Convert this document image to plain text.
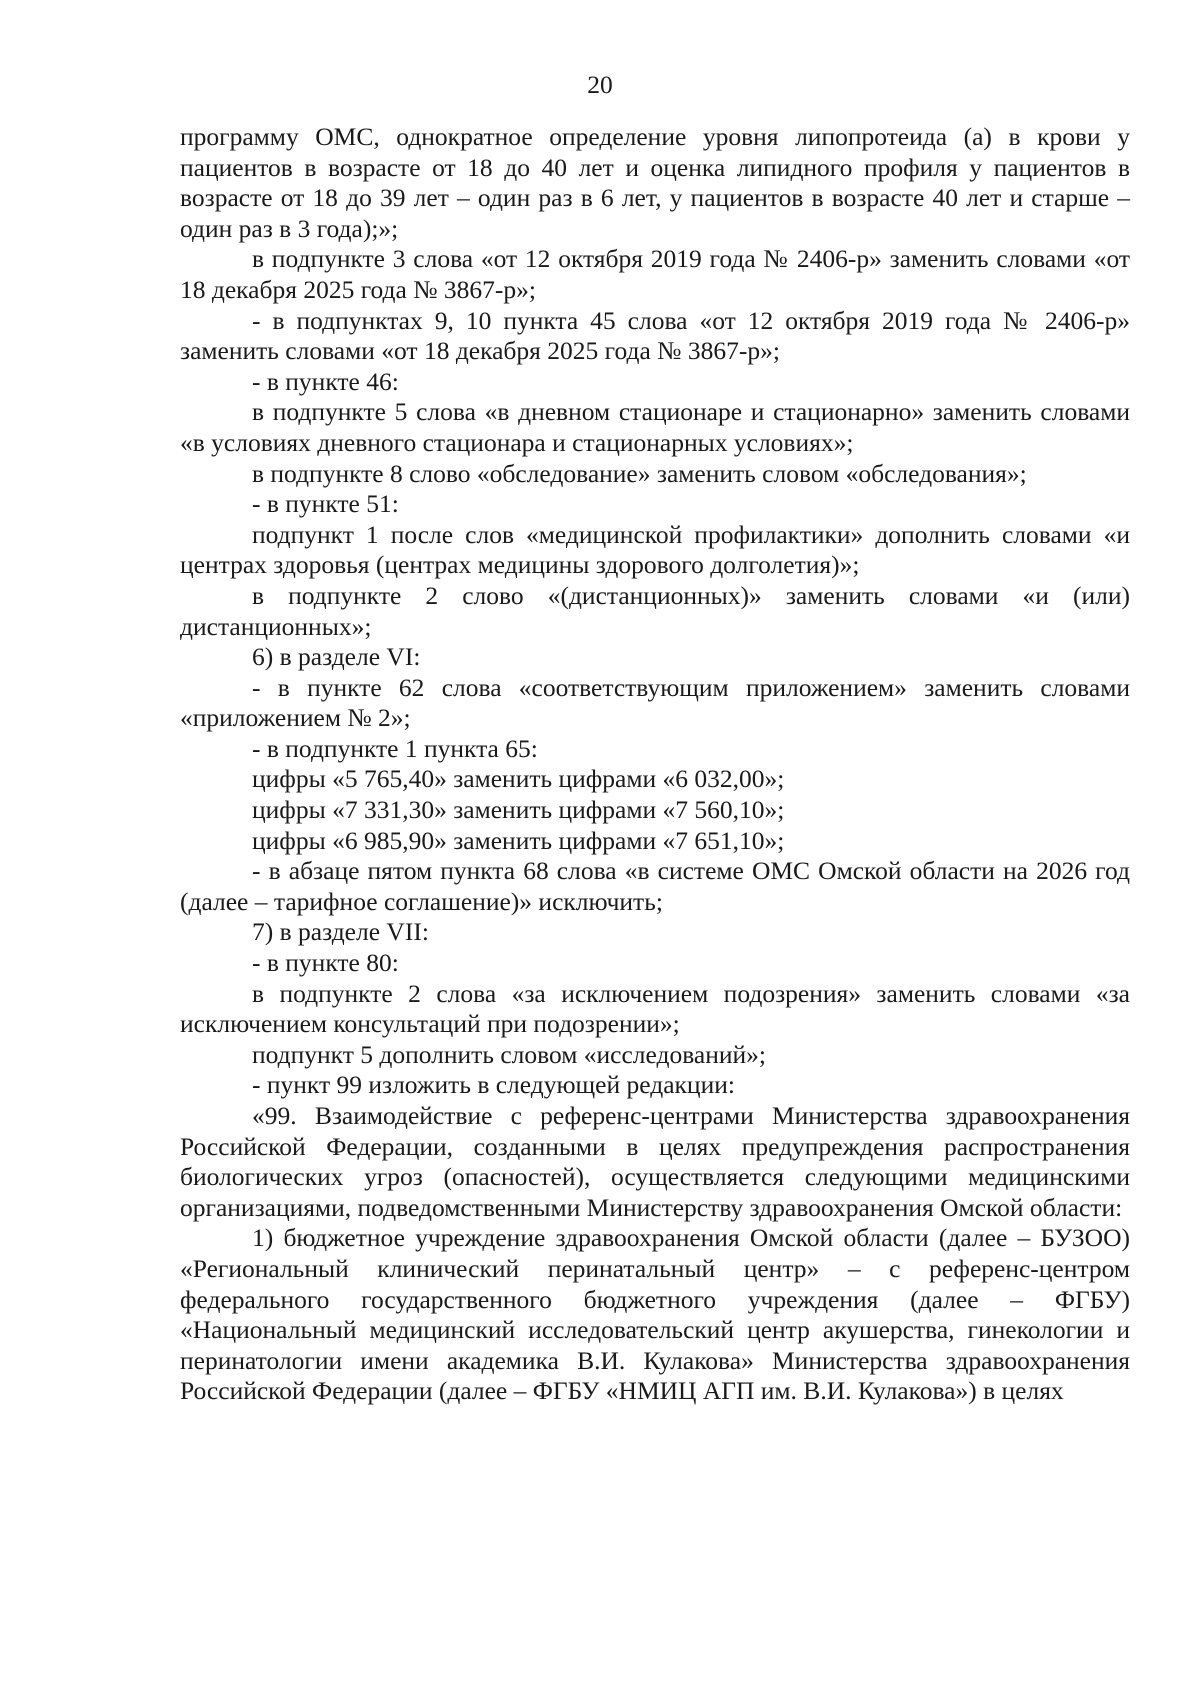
20

программу ОМС, однократное определение уровня липопротеида (а) в крови у пациентов в возрасте от 18 до 40 лет и оценка липидного профиля у пациентов в возрасте от 18 до 39 лет – один раз в 6 лет, у пациентов в возрасте 40 лет и старше – один раз в 3 года);»;

в подпункте 3 слова «от 12 октября 2019 года № 2406-р» заменить словами «от 18 декабря 2025 года № 3867-р»;

- в подпунктах 9, 10 пункта 45 слова «от 12 октября 2019 года № 2406-р» заменить словами «от 18 декабря 2025 года № 3867-р»;

- в пункте 46:

в подпункте 5 слова «в дневном стационаре и стационарно» заменить словами «в условиях дневного стационара и стационарных условиях»;

в подпункте 8 слово «обследование» заменить словом «обследования»;

- в пункте 51:

подпункт 1 после слов «медицинской профилактики» дополнить словами «и центрах здоровья (центрах медицины здорового долголетия)»;

в подпункте 2 слово «(дистанционных)» заменить словами «и (или) дистанционных»;

6) в разделе VI:

- в пункте 62 слова «соответствующим приложением» заменить словами «приложением № 2»;

- в подпункте 1 пункта 65:

цифры «5 765,40» заменить цифрами «6 032,00»;

цифры «7 331,30» заменить цифрами «7 560,10»;

цифры «6 985,90» заменить цифрами «7 651,10»;

- в абзаце пятом пункта 68 слова «в системе ОМС Омской области на 2026 год (далее – тарифное соглашение)» исключить;

7) в разделе VII:

- в пункте 80:

в подпункте 2 слова «за исключением подозрения» заменить словами «за исключением консультаций при подозрении»;

подпункт 5 дополнить словом «исследований»;

- пункт 99 изложить в следующей редакции:

«99. Взаимодействие с референс-центрами Министерства здравоохранения Российской Федерации, созданными в целях предупреждения распространения биологических угроз (опасностей), осуществляется следующими медицинскими организациями, подведомственными Министерству здравоохранения Омской области:

1) бюджетное учреждение здравоохранения Омской области (далее – БУЗОО) «Региональный клинический перинатальный центр» – с референс-центром федерального государственного бюджетного учреждения (далее – ФГБУ) «Национальный медицинский исследовательский центр акушерства, гинекологии и перинатологии имени академика В.И. Кулакова» Министерства здравоохранения Российской Федерации (далее – ФГБУ «НМИЦ АГП им. В.И. Кулакова») в целях
